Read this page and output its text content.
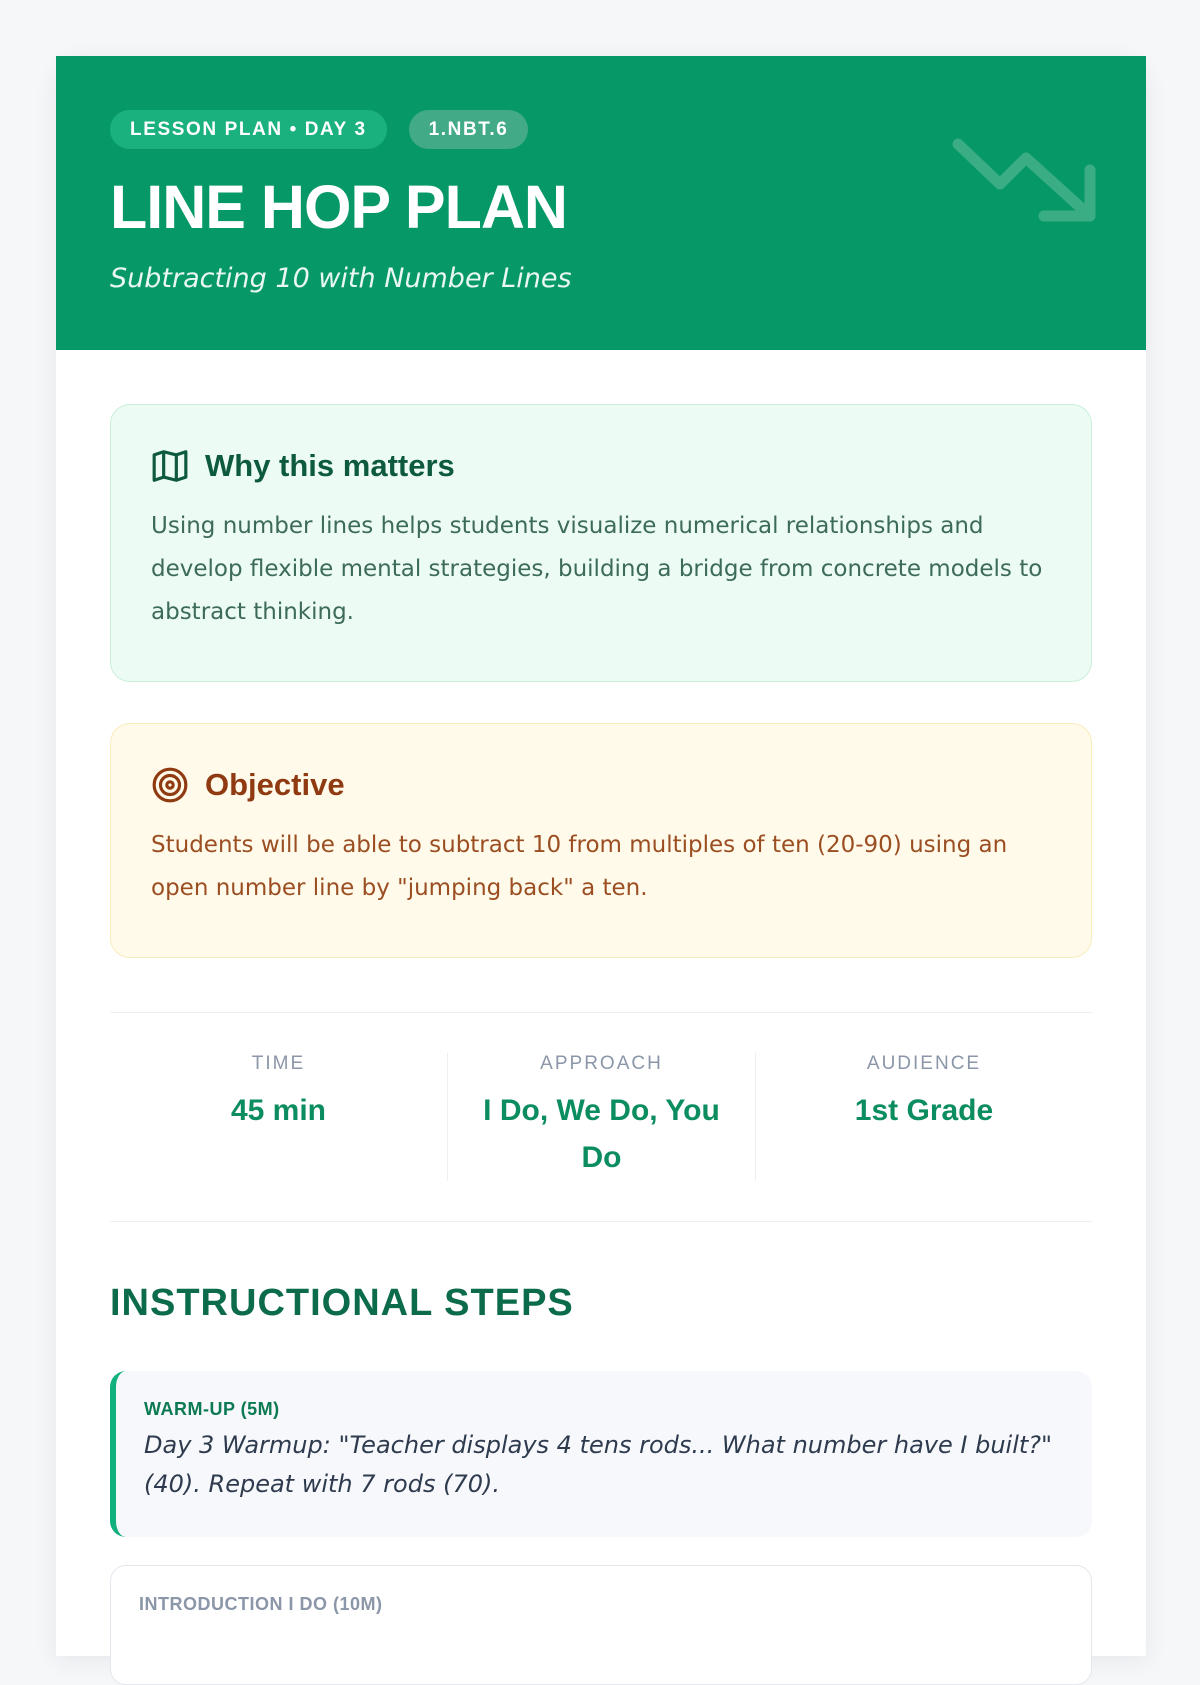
LESSON PLAN • DAY 3	1.NBT.6
LINE HOP PLAN
Subtracting 10 with Number Lines
Why this matters

Using number lines helps students visualize numerical relationships and develop flexible mental strategies, building a bridge from concrete models to abstract thinking.

Objective

Students will be able to subtract 10 from multiples of ten (20-90) using an open number line by "jumping back" a ten.

TIME
45 min
APPROACH
I Do, We Do, You Do
AUDIENCE
1st Grade
INSTRUCTIONAL STEPS
WARM-UP (5M)
Day 3 Warmup: "Teacher displays 4 tens rods... What number have I built?" (40). Repeat with 7 rods (70).
INTRODUCTION I DO (10M)
